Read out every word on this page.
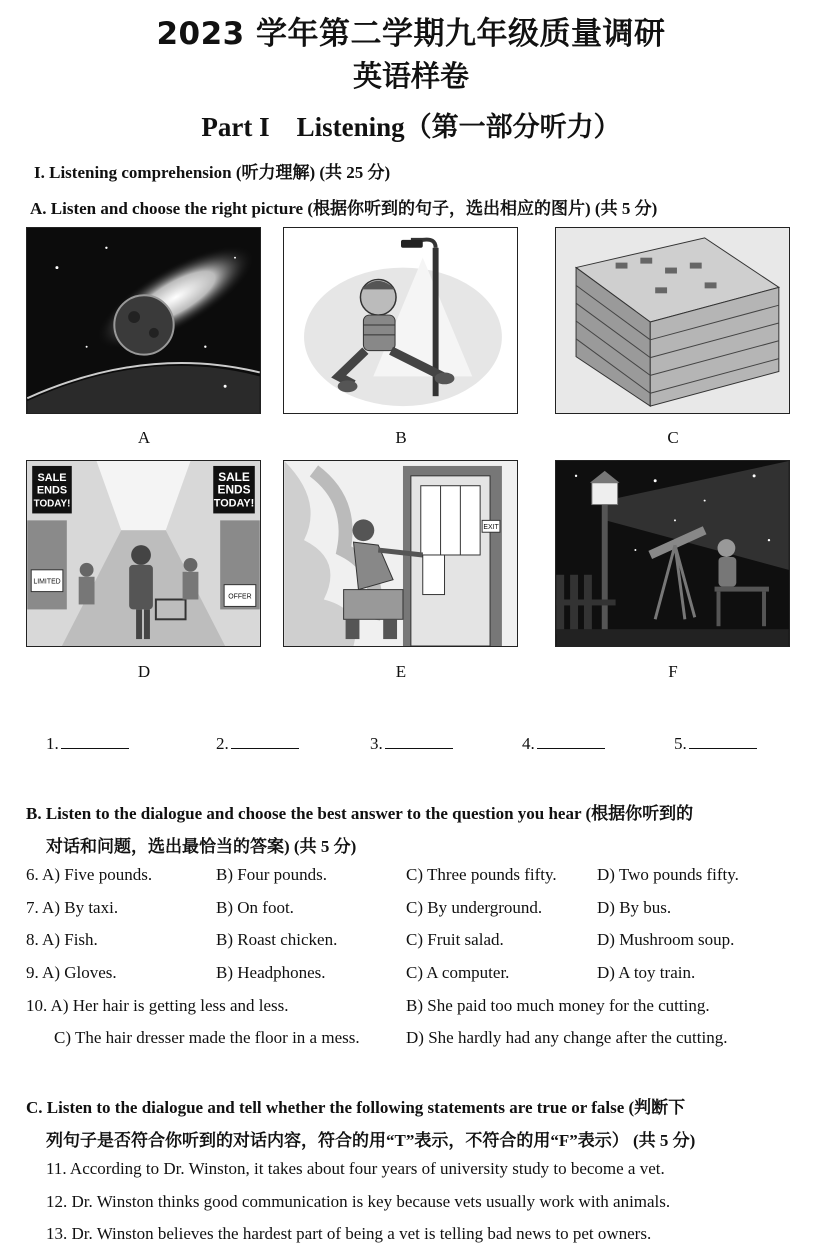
2023 学年第二学期九年级质量调研
英语样卷
Part I    Listening（第一部分听力）
I. Listening comprehension (听力理解) (共 25 分)
A. Listen and choose the right picture (根据你听到的句子，选出相应的图片) (共 5 分)
A	B	C
SALE
ENDS
TODAY!
SALE
ENDS
TODAY!
LIMITED
OFFER
EXIT
D	E	F
1.	2.	3.	4.	5.
B. Listen to the dialogue and choose the best answer to the question you hear (根据你听到的
对话和问题，选出最恰当的答案) (共 5 分)
6. A) Five pounds.	B) Four pounds.	C) Three pounds fifty. D) Two pounds fifty.
7. A) By taxi.	B) On foot.	C) By underground.	D) By bus.
8. A) Fish.	B) Roast chicken.	C) Fruit salad.	D) Mushroom soup.
9. A) Gloves.	B) Headphones.	C) A computer.	D) A toy train.
10. A) Her hair is getting less and less.	B) She paid too much money for the cutting.
C) The hair dresser made the floor in a mess.	D) She hardly had any change after the cutting.
C. Listen to the dialogue and tell whether the following statements are true or false (判断下
列句子是否符合你听到的对话内容，符合的用“T”表示，不符合的用“F”表示） (共 5 分)
11. According to Dr. Winston, it takes about four years of university study to become a vet.
12. Dr. Winston thinks good communication is key because vets usually work with animals.
13. Dr. Winston believes the hardest part of being a vet is telling bad news to pet owners.
